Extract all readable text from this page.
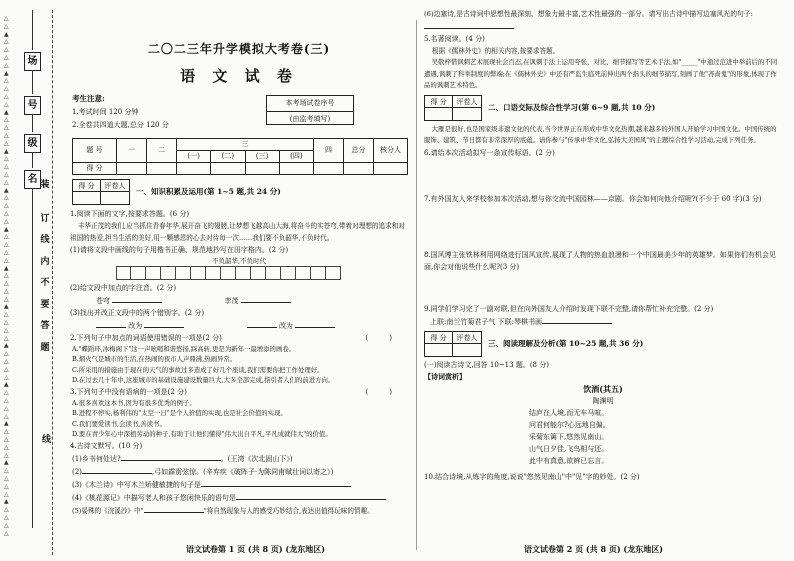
△
△
▲
△
△
△
△
▲
△
△
△
△
▲
△
△
△
△
▲
△
△
△
△
▲
△
△
△
△
▲
△
△
△
△
▲
△
△
△
△
▲
△
△
△
△
▲
△
△
△
△
▲
△
△
△
△
▲
△
△
△
△
▲
△
△
△
△
▲
△
△
△
△
场
号
级
名 装
订
线
内
不
要
答
题
线
二〇二三年升学模拟大考卷(三)
语 文 试 卷
考生注意:
1.考试时间 120 分钟
2.全卷共四道大题,总分 120 分
本考场试卷序号
(由监考填写)
题 号	一	二	三				四	总分	核分人
			(一)	(二)	(三)	(四)			
得 分									
得 分	评卷人
一、知识积累及运用(第 1~5 题,共 24 分)
1.阅读下面的文字,按要求答题。(6 分)
丰华正茂的我们,应当抓住青春年华,展开奋飞的翅膀,让梦想飞越高山大海,将奋斗的实苍穹,带着对理想的追求和对祖国的热爱,担当生活的美好,用一颗感恩的心去对待每一次……我们要不负韶华,不负时代。
(1)请将文段中画线的句子用楷书正确、规范地抄写在田字格内。(2 分)
不负韶华,不负时代
(2)给文段中加点的字注音。(2 分)
苍穹	孪茂
(3)找出并改正文段中的两个错别字。(2 分)
改为	改为
2.下列句子中加点的词语使用错误的一项是(2 分)	(　　　)
A."蝶蹈环,冰梅阁下"这一声吆喝和谐悠扬,踩高转,更是为新年一最增添的画卷。
B.烟火气是城市的生活,在热闹的夜市人声鼎沸,热闹异常。
C.所采用的措施由于现在的天气的事故过多造成了好几个座谈,我们需要你把工作处理好。
D.在过去几十年中,这座城市的基础设施建设数量巨大,大多全部完成,指引者人们的前进方向。
3.下列句子中没有语病的一项是(2 分)	(　　　)
A.很多喜欢这本书,因为有很多优秀的例子。
B.进程不停实,杨利伟的"太空一日"是个人价值的实现,也是社会价值的实现。
C.我们要爱读书,会读书,善读书。
D.要在青少年心中深植劳动的种子,有助于让他们懂得"伟大出自平凡,平凡成就伟大"的价值。
4.古诗文默写。(10 分)
(1)乡书何处达?	。(王湾《次北固山下》)
(2)	,弓如霹雳弦惊。(辛弃疾《破阵子·为陈同甫赋壮词以寄之》)
(3)《木兰诗》中写木兰矫健敏捷的句子是
(4)《桃花源记》中描写老人和孩子悠闲快乐的语句是
(5)晏殊的《浣溪沙》中"	"将自然现象与人的感受巧妙结合,表达出值得玩味的情趣。
语文试卷第 1 页 (共 8 页) (龙东地区)
(6)边塞诗,是古诗词中思想性最深刻、想象力最丰富,艺术性最强的一部分。请写出古诗中描写边塞风光的句子:
5.名著阅读。(4 分)
根据《儒林外史》的相关内容,按要求答题。
吴敬梓借讽刺艺术展现社会百态,在讽刺手法上运用夸张、对比、细节描写等艺术手法,如"_____"中通过范进中举前后的不同遭遇,讽刺了科举制度的弊端;在《儒林外史》中还有严监生临死前伸出两个指头的细节描写,刻画了他"吝啬鬼"的形象,体现了作品的讽刺艺术特色。
得 分	评卷人
二、口语交际及综合性学习(第 6~9 题,共 10 分)
大雁是很好,也是国家级非遗文化的代表,当今世界正在形成中华文化热潮,越来越多的外国人开始学习中国文化。中国传统的服饰、建筑、节日都有非常深厚的底蕴。请你参与"传承中华文化,弘扬大美国风"的主题综合性学习活动,完成下列任务。
6.请给本次活动拟写一条宣传标语。(2 分)
7.有外国友人来学校参加本次活动,想与你交流中国园林——京剧。你会如何向他介绍呢?(不少于 60 字)(3 分)
8.国风博主张铁林利用网络进行国风宣传,展现了人物的热血浪漫和一个中国最美少年的英雄梦。如果你们有机会见面,你会对他说些什么呢?(3 分)
9.同学们学习完了一副对联,但在向外国友人介绍时发现下联不完整,请你帮忙补充完整。(2 分)
上联:南兰竹菊君子气 下联:琴棋书画
得 分	评卷人
三、阅读理解及分析(第 10~25 题,共 36 分)
(一)阅读古诗文,回答 10~13 题。(8 分)
【诗词赏析】
饮酒(其五)
陶渊明
结庐在人境,而无车马喧。
问君何能尔?心远地自偏。
采菊东篱下,悠然见南山。
山气日夕佳,飞鸟相与还。
此中有真意,欲辨已忘言。
10.结合诗境,从炼字的角度,说说"悠然见南山"中"见"字的妙处。(2 分)
语文试卷第 2 页 (共 8 页) (龙东地区)
